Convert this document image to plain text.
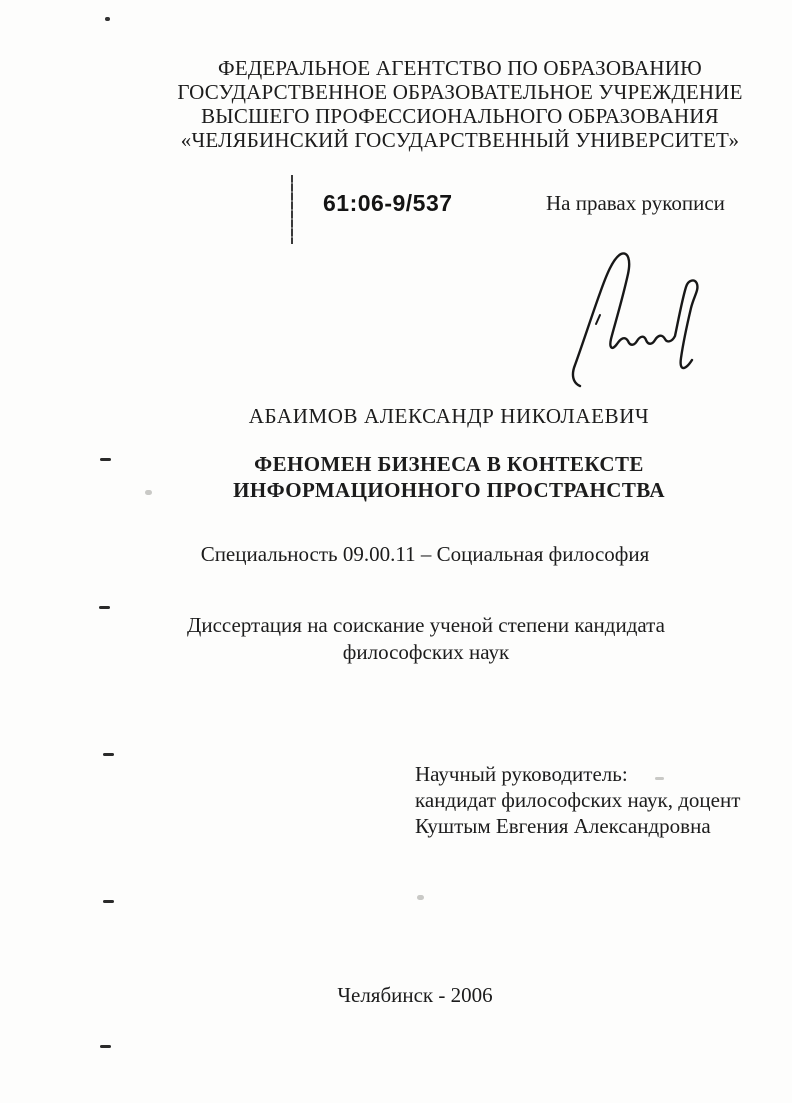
ФЕДЕРАЛЬНОЕ АГЕНТСТВО ПО ОБРАЗОВАНИЮ
ГОСУДАРСТВЕННОЕ ОБРАЗОВАТЕЛЬНОЕ УЧРЕЖДЕНИЕ
ВЫСШЕГО ПРОФЕССИОНАЛЬНОГО ОБРАЗОВАНИЯ
«ЧЕЛЯБИНСКИЙ ГОСУДАРСТВЕННЫЙ УНИВЕРСИТЕТ»
61:06-9/537	На правах рукописи
АБАИМОВ АЛЕКСАНДР НИКОЛАЕВИЧ
ФЕНОМЕН БИЗНЕСА В КОНТЕКСТЕ
ИНФОРМАЦИОННОГО ПРОСТРАНСТВА
Специальность 09.00.11 – Социальная философия
Диссертация на соискание ученой степени кандидата
философских наук
Научный руководитель:
кандидат философских наук, доцент
Куштым Евгения Александровна
Челябинск - 2006
